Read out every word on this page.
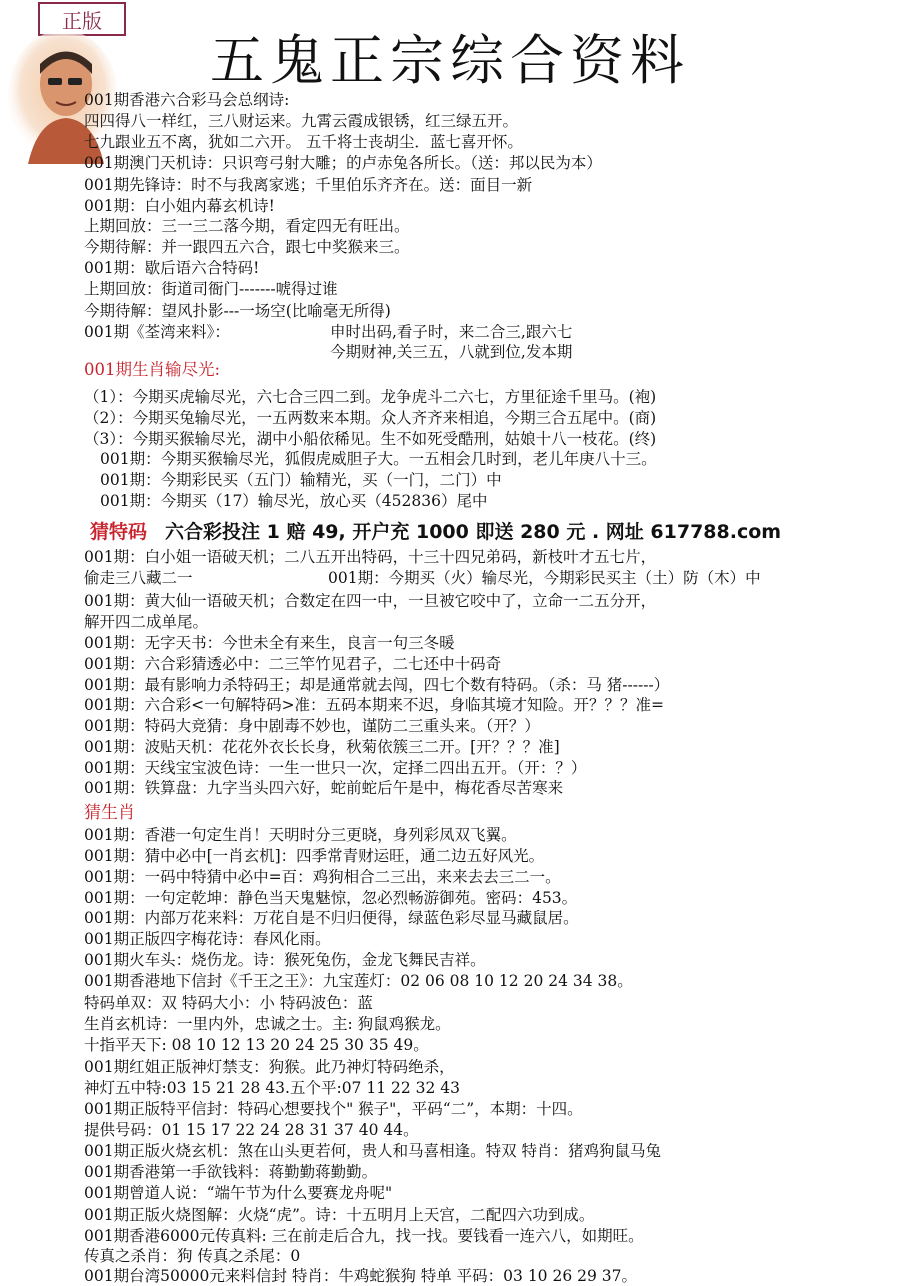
正版
五鬼正宗综合资料
001期香港六合彩马会总纲诗:
四四得八一样红，三八财运来。九霄云霞成银锈，红三绿五开。
七九跟业五不离，犹如二六开。 五千将士丧胡尘．蓝七喜开怀。
001期澳门天机诗：只识弯弓射大雕；的卢赤兔各所长。（送：邦以民为本）
001期先锋诗：时不与我离家逃；千里伯乐齐齐在。送：面目一新
001期：白小姐内幕玄机诗!
上期回放：三一三二落今期，看定四无有旺出。
今期待解：并一跟四五六合，跟七中奖猴来三。
001期：歇后语六合特码!
上期回放：街道司衙门-------唬得过谁
今期待解：望风扑影---一场空(比喻毫无所得)
001期《荃湾来料》：	申时出码,看子时，来二合三,跟六七
今期财神,关三五，八就到位,发本期
001期生肖输尽光:
（1）：今期买虎输尽光，六七合三四二到。龙争虎斗二六七，方里征途千里马。(袍)
（2）：今期买兔输尽光，一五两数来本期。众人齐齐来相追，今期三合五尾中。(商)
（3）：今期买猴输尽光，湖中小船依稀见。生不如死受酷刑，姑娘十八一枝花。(终)
001期：今期买猴输尽光，狐假虎威胆子大。一五相会几时到，老儿年庚八十三。
001期：今期彩民买（五门）输精光，买（一门，二门）中
001期：今期买（17）输尽光，放心买（452836）尾中
猜特码 六合彩投注 1 赔 49, 开户充 1000 即送 280 元 . 网址 617788.com
001期：白小姐一语破天机；二八五开出特码，十三十四兄弟码，新枝叶才五七片，
偷走三八藏二一	001期：今期买（火）输尽光，今期彩民买主（土）防（木）中
001期：黄大仙一语破天机；合数定在四一中，一旦被它咬中了，立命一二五分开，
解开四二成单尾。
001期：无字天书：今世未全有来生，良言一句三冬暖
001期：六合彩猜透必中：二三竿竹见君子，二七还中十码奇
001期：最有影响力杀特码王；却是通常就去闯，四七个数有特码。（杀：马 猪------）
001期：六合彩<一句解特码>准：五码本期来不迟，身临其境才知险。开？？？准=
001期：特码大竞猜：身中剧毒不妙也，谨防二三重头来。（开？）
001期：波贴天机：花花外衣长长身，秋菊依簇三二开。[开？？？准]
001期：天线宝宝波色诗：一生一世只一次，定择二四出五开。（开：？）
001期：铁算盘：九字当头四六好，蛇前蛇后午是中，梅花香尽苦寒来
猜生肖
001期：香港一句定生肖！天明时分三更晓，身列彩凤双飞翼。
001期：猜中必中[一肖玄机]：四季常青财运旺，通二边五好风光。
001期：一码中特猜中必中=百：鸡狗相合二三出，来来去去三二一。
001期：一句定乾坤：静色当天鬼魅惊，忽必烈畅游御苑。密码：453。
001期：内部万花来料：万花自是不归归便得，绿蓝色彩尽显马藏鼠居。
001期正版四字梅花诗：春风化雨。
001期火车头：烧伤龙。诗：猴死兔伤，金龙飞舞民吉祥。
001期香港地下信封《千王之王》：九宝莲灯：02 06 08 10 12 20 24 34 38。
特码单双：双 特码大小：小 特码波色：蓝
生肖玄机诗：一里内外，忠诚之士。主: 狗鼠鸡猴龙。
十指平天下: 08 10 12 13 20 24 25 30 35 49。
001期红姐正版神灯禁支：狗猴。此乃神灯特码绝杀，
神灯五中特:03 15 21 28 43.五个平:07 11 22 32 43
001期正版特平信封：特码心想要找个" 猴子"，平码“二”，本期：十四。
提供号码：01 15 17 22 24 28 31 37 40 44。
001期正版火烧玄机：煞在山头更若何，贵人和马喜相逢。特双 特肖：猪鸡狗鼠马兔
001期香港第一手欲钱料：蒋勤勤蒋勤勤。
001期曾道人说：“端午节为什么要赛龙舟呢"
001期正版火烧图解：火烧“虎”。诗：十五明月上天宫，二配四六功到成。
001期香港6000元传真料: 三在前走后合九，找一找。要钱看一连六八，如期旺。
传真之杀肖：狗 传真之杀尾：0
001期台湾50000元来料信封 特肖：牛鸡蛇猴狗 特单 平码：03 10 26 29 37。
